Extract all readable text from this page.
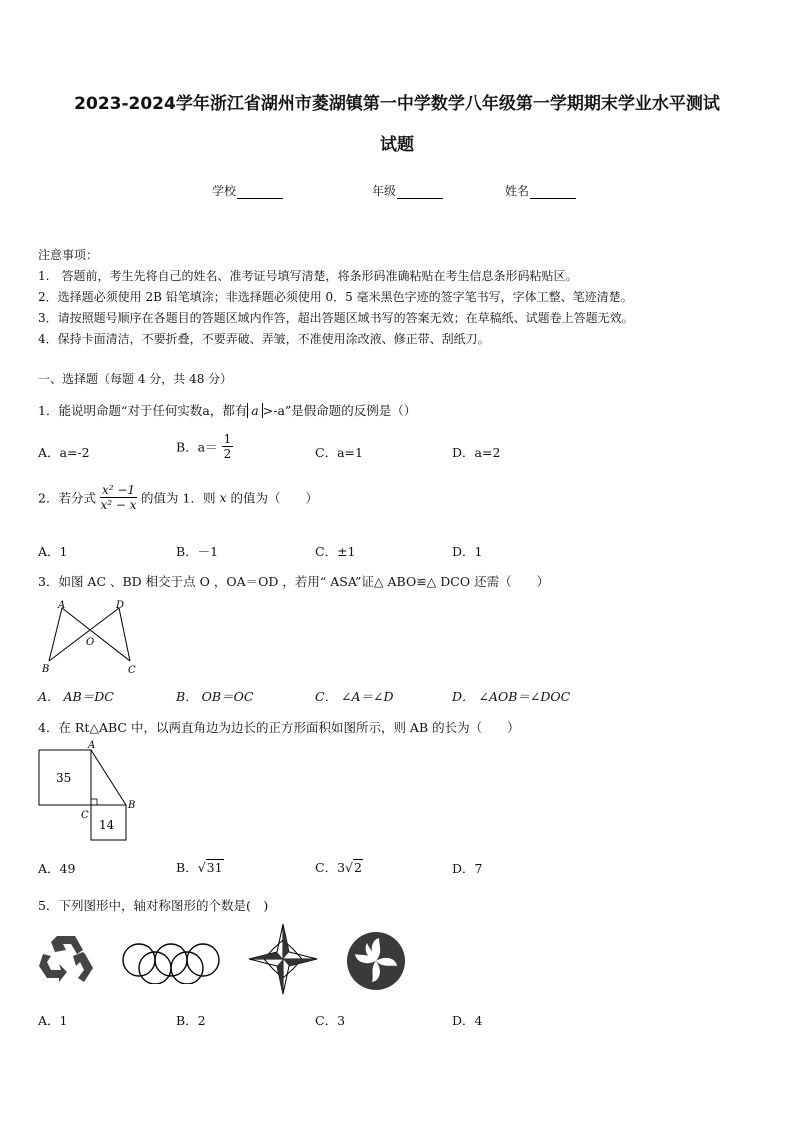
2023-2024学年浙江省湖州市菱湖镇第一中学数学八年级第一学期期末学业水平测试
试题
学校	年级	姓名
注意事项：
1.　答题前，考生先将自己的姓名、准考证号填写清楚，将条形码准确粘贴在考生信息条形码粘贴区。
2．选择题必须使用 2B 铅笔填涂；非选择题必须使用 0．5 毫米黑色字迹的签字笔书写，字体工整、笔迹清楚。
3．请按照题号顺序在各题目的答题区域内作答，超出答题区域书写的答案无效；在草稿纸、试题卷上答题无效。
4．保持卡面清洁，不要折叠，不要弄破、弄皱，不准使用涂改液、修正带、刮纸刀。
一、选择题（每题 4 分，共 48 分）
1．能说明命题“对于任何实数a，都有 a >-a”是假命题的反例是（）
A．a=-2	B．$a= \frac{1}{2}$	C．a=1	D．a=2
2．若分式 $\frac{\text{x² −1}}{\text{x² − x}}$ 的值为 1．则 x 的值为（　　）
A．1	B．－1	C．±1	D．1
3．如图 AC 、BD 相交于点 O ，OA＝OD ，若用“ ASA”证△ ABO≌△ DCO 还需（　　）
A	D
O
B	C
A． AB＝DC	B． OB＝OC	C． ∠A＝∠D	D． ∠AOB＝∠DOC
4．在 Rt△ABC 中，以两直角边为边长的正方形面积如图所示，则 AB 的长为（　　）
35
14
A
B
C
A．49	B．√31	C．3√2	D．7
5．下列图形中，轴对称图形的个数是(　)
A．1	B．2	C．3	D．4
